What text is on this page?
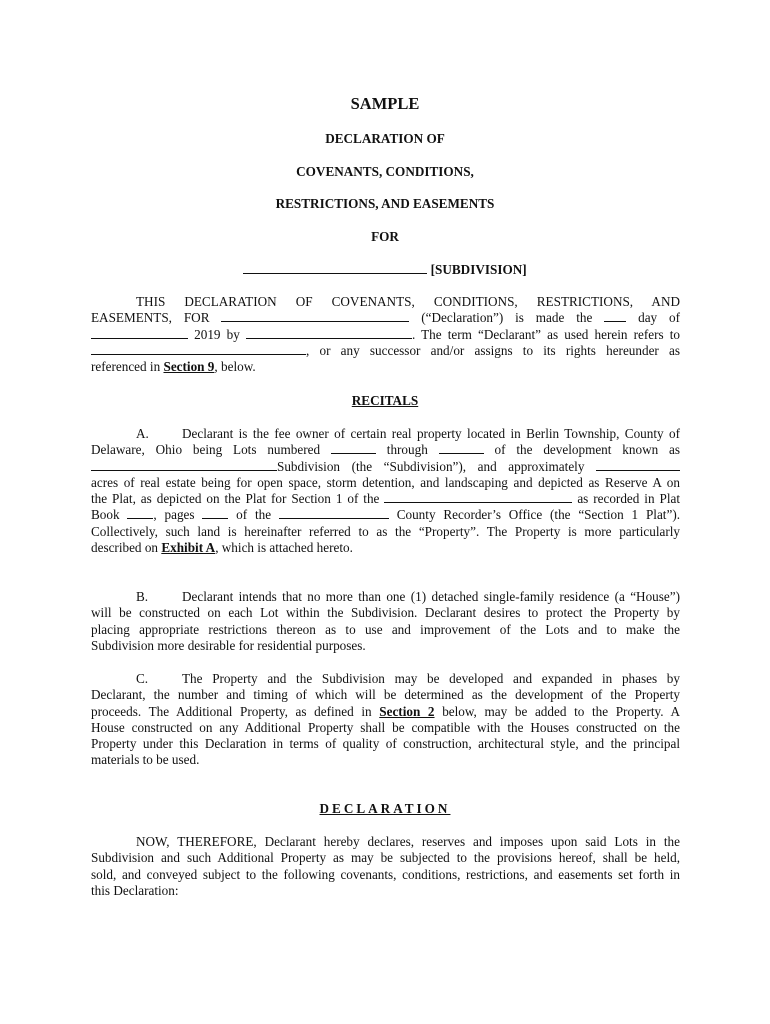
SAMPLE
DECLARATION OF
COVENANTS, CONDITIONS,
RESTRICTIONS, AND EASEMENTS
FOR
[SUBDIVISION]
THIS DECLARATION OF COVENANTS, CONDITIONS, RESTRICTIONS, AND
EASEMENTS, FOR	(“Declaration”) is made the	day of
2019 by	. The term “Declarant” as used herein refers to
, or any successor and/or assigns to its rights hereunder as
referenced in Section 9, below.
RECITALS
A.	Declarant is the fee owner of certain real property located in Berlin Township, County of
Delaware, Ohio being Lots numbered	through	of the development known as
Subdivision (the “Subdivision”), and approximately
acres of real estate being for open space, storm detention, and landscaping and depicted as Reserve A on
the Plat, as depicted on the Plat for Section 1 of the	as recorded in Plat
Book	, pages	of the	County Recorder’s Office (the “Section 1 Plat”).
Collectively, such land is hereinafter referred to as the “Property”. The Property is more particularly
described on Exhibit A, which is attached hereto.
B.	Declarant intends that no more than one (1) detached single-family residence (a “House”)
will be constructed on each Lot within the Subdivision. Declarant desires to protect the Property by
placing appropriate restrictions thereon as to use and improvement of the Lots and to make the
Subdivision more desirable for residential purposes.
C.	The Property and the Subdivision may be developed and expanded in phases by
Declarant, the number and timing of which will be determined as the development of the Property
proceeds. The Additional Property, as defined in Section 2 below, may be added to the Property. A
House constructed on any Additional Property shall be compatible with the Houses constructed on the
Property under this Declaration in terms of quality of construction, architectural style, and the principal
materials to be used.
DECLARATION
NOW, THEREFORE, Declarant hereby declares, reserves and imposes upon said Lots in the
Subdivision and such Additional Property as may be subjected to the provisions hereof, shall be held,
sold, and conveyed subject to the following covenants, conditions, restrictions, and easements set forth in
this Declaration:
